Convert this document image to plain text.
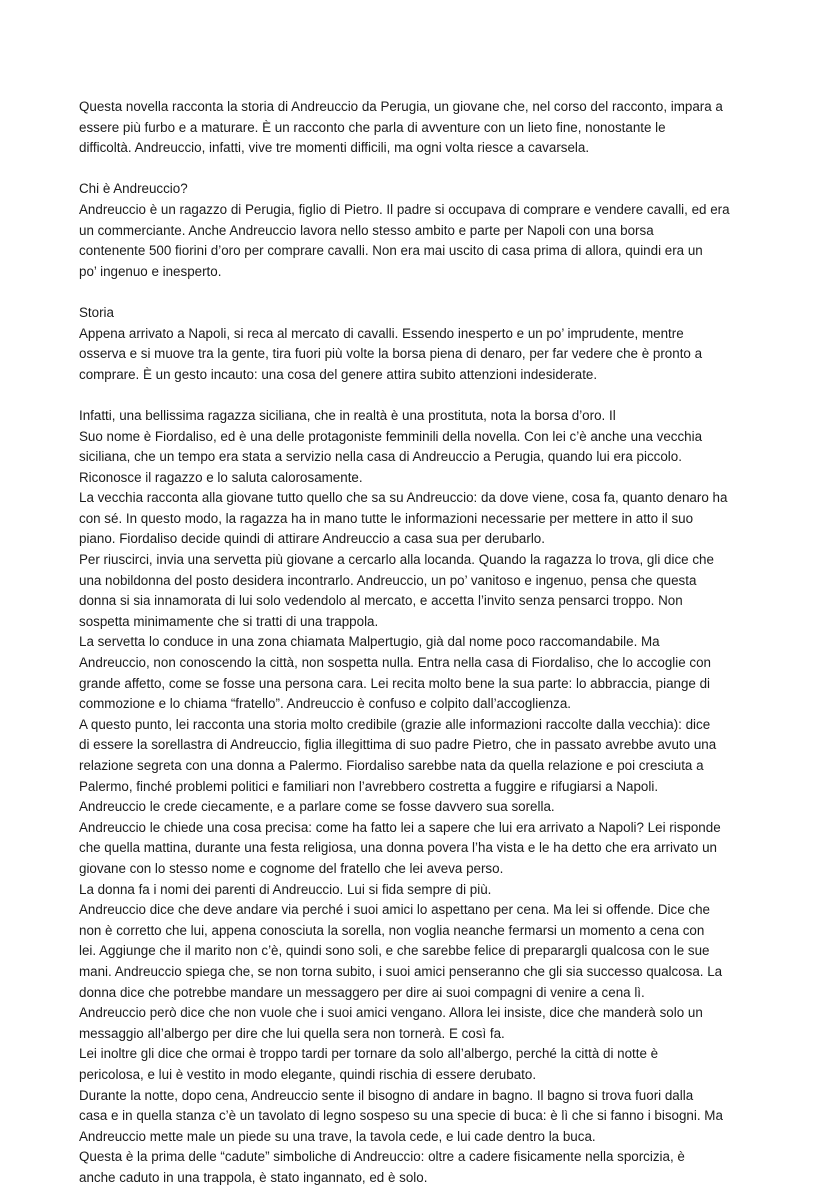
Questa novella racconta la storia di Andreuccio da Perugia, un giovane che, nel corso del racconto, impara a
essere più furbo e a maturare. È un racconto che parla di avventure con un lieto fine, nonostante le
difficoltà. Andreuccio, infatti, vive tre momenti difficili, ma ogni volta riesce a cavarsela.
Chi è Andreuccio?
Andreuccio è un ragazzo di Perugia, figlio di Pietro. Il padre si occupava di comprare e vendere cavalli, ed era
un commerciante. Anche Andreuccio lavora nello stesso ambito e parte per Napoli con una borsa
contenente 500 fiorini d’oro per comprare cavalli. Non era mai uscito di casa prima di allora, quindi era un
po’ ingenuo e inesperto.
Storia
Appena arrivato a Napoli, si reca al mercato di cavalli. Essendo inesperto e un po’ imprudente, mentre
osserva e si muove tra la gente, tira fuori più volte la borsa piena di denaro, per far vedere che è pronto a
comprare. È un gesto incauto: una cosa del genere attira subito attenzioni indesiderate.
Infatti, una bellissima ragazza siciliana, che in realtà è una prostituta, nota la borsa d’oro. Il
Suo nome è Fiordaliso, ed è una delle protagoniste femminili della novella. Con lei c’è anche una vecchia
siciliana, che un tempo era stata a servizio nella casa di Andreuccio a Perugia, quando lui era piccolo.
Riconosce il ragazzo e lo saluta calorosamente.
La vecchia racconta alla giovane tutto quello che sa su Andreuccio: da dove viene, cosa fa, quanto denaro ha
con sé. In questo modo, la ragazza ha in mano tutte le informazioni necessarie per mettere in atto il suo
piano. Fiordaliso decide quindi di attirare Andreuccio a casa sua per derubarlo.
Per riuscirci, invia una servetta più giovane a cercarlo alla locanda. Quando la ragazza lo trova, gli dice che
una nobildonna del posto desidera incontrarlo. Andreuccio, un po’ vanitoso e ingenuo, pensa che questa
donna si sia innamorata di lui solo vedendolo al mercato, e accetta l’invito senza pensarci troppo. Non
sospetta minimamente che si tratti di una trappola.
La servetta lo conduce in una zona chiamata Malpertugio, già dal nome poco raccomandabile. Ma
Andreuccio, non conoscendo la città, non sospetta nulla. Entra nella casa di Fiordaliso, che lo accoglie con
grande affetto, come se fosse una persona cara. Lei recita molto bene la sua parte: lo abbraccia, piange di
commozione e lo chiama “fratello”. Andreuccio è confuso e colpito dall’accoglienza.
A questo punto, lei racconta una storia molto credibile (grazie alle informazioni raccolte dalla vecchia): dice
di essere la sorellastra di Andreuccio, figlia illegittima di suo padre Pietro, che in passato avrebbe avuto una
relazione segreta con una donna a Palermo. Fiordaliso sarebbe nata da quella relazione e poi cresciuta a
Palermo, finché problemi politici e familiari non l’avrebbero costretta a fuggire e rifugiarsi a Napoli.
Andreuccio le crede ciecamente, e a parlare come se fosse davvero sua sorella.
Andreuccio le chiede una cosa precisa: come ha fatto lei a sapere che lui era arrivato a Napoli? Lei risponde
che quella mattina, durante una festa religiosa, una donna povera l’ha vista e le ha detto che era arrivato un
giovane con lo stesso nome e cognome del fratello che lei aveva perso.
La donna fa i nomi dei parenti di Andreuccio. Lui si fida sempre di più.
Andreuccio dice che deve andare via perché i suoi amici lo aspettano per cena. Ma lei si offende. Dice che
non è corretto che lui, appena conosciuta la sorella, non voglia neanche fermarsi un momento a cena con
lei. Aggiunge che il marito non c’è, quindi sono soli, e che sarebbe felice di preparargli qualcosa con le sue
mani. Andreuccio spiega che, se non torna subito, i suoi amici penseranno che gli sia successo qualcosa. La
donna dice che potrebbe mandare un messaggero per dire ai suoi compagni di venire a cena lì.
Andreuccio però dice che non vuole che i suoi amici vengano. Allora lei insiste, dice che manderà solo un
messaggio all’albergo per dire che lui quella sera non tornerà. E così fa.
Lei inoltre gli dice che ormai è troppo tardi per tornare da solo all’albergo, perché la città di notte è
pericolosa, e lui è vestito in modo elegante, quindi rischia di essere derubato.
Durante la notte, dopo cena, Andreuccio sente il bisogno di andare in bagno. Il bagno si trova fuori dalla
casa e in quella stanza c’è un tavolato di legno sospeso su una specie di buca: è lì che si fanno i bisogni. Ma
Andreuccio mette male un piede su una trave, la tavola cede, e lui cade dentro la buca.
Questa è la prima delle “cadute” simboliche di Andreuccio: oltre a cadere fisicamente nella sporcizia, è
anche caduto in una trappola, è stato ingannato, ed è solo.
